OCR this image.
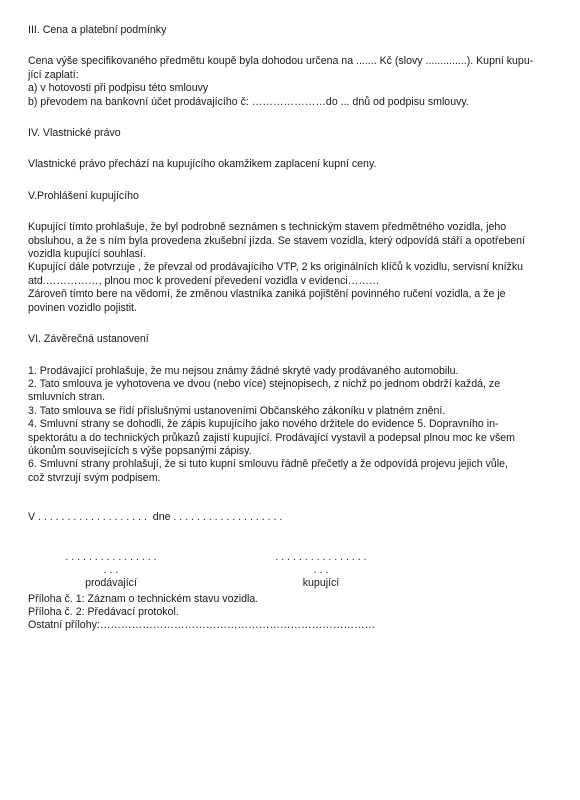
III. Cena a platební podmínky

Cena výše specifikovaného předmětu koupě byla dohodou určena na ....... Kč (slovy ..............). Kupní kupu-
jící zaplatí:
a) v hotovosti při podpisu této smlouvy
b) převodem na bankovní účet prodávajícího č: …………………do ... dnů od podpisu smlouvy.

IV. Vlastnické právo

Vlastnické právo přechází na kupujícího okamžikem zaplacení kupní ceny.

V.Prohlášení kupujícího

Kupující tímto prohlašuje, že byl podrobně seznámen s technickým stavem předmětného vozidla, jeho
obsluhou, a že s ním byla provedena zkušební jízda. Se stavem vozidla, který odpovídá stáří a opotřebení
vozidla kupující souhlasí.
Kupující dále potvrzuje , že převzal od prodávajícího VTP, 2 ks originálních klíčů k vozidlu, servisní knížku
atd.……………, plnou moc k provedení převedení vozidla v evidenci………
Zároveň tímto bere na vědomí, že změnou vlastníka zaniká pojištění povinného ručení vozidla, a že je
povinen vozidlo pojistit.

VI. Závěrečná ustanovení

1. Prodávající prohlašuje, že mu nejsou známy žádné skryté vady prodávaného automobilu.
2. Tato smlouva je vyhotovena ve dvou (nebo více) stejnopisech, z nichž po jednom obdrží každá, ze
smluvních stran.
3. Tato smlouva se řídí příslušnými ustanoveními Občanského zákoníku v platném znění.
4. Smluvní strany se dohodli, že zápis kupujícího jako nového držitele do evidence 5. Dopravního in-
spektorátu a do technických průkazů zajistí kupující. Prodávající vystavil a podepsal plnou moc ke všem
úkonům souvisejících s výše popsanými zápisy.
6. Smluvní strany prohlašují, že si tuto kupní smlouvu řádně přečetly a že odpovídá projevu jejich vůle,
což stvrzují svým podpisem.

V . . . . . . . . . . . . . . . . . . .  dne . . . . . . . . . . . . . . . . . . .

. . . . . . . . . . . . . . . . . . .
prodávající
. . . . . . . . . . . . . . . . . . .
kupující

Příloha č. 1: Záznam o technickém stavu vozidla.
Příloha č. 2: Předávací protokol.
Ostatní přílohy:……………………………………………………………………
